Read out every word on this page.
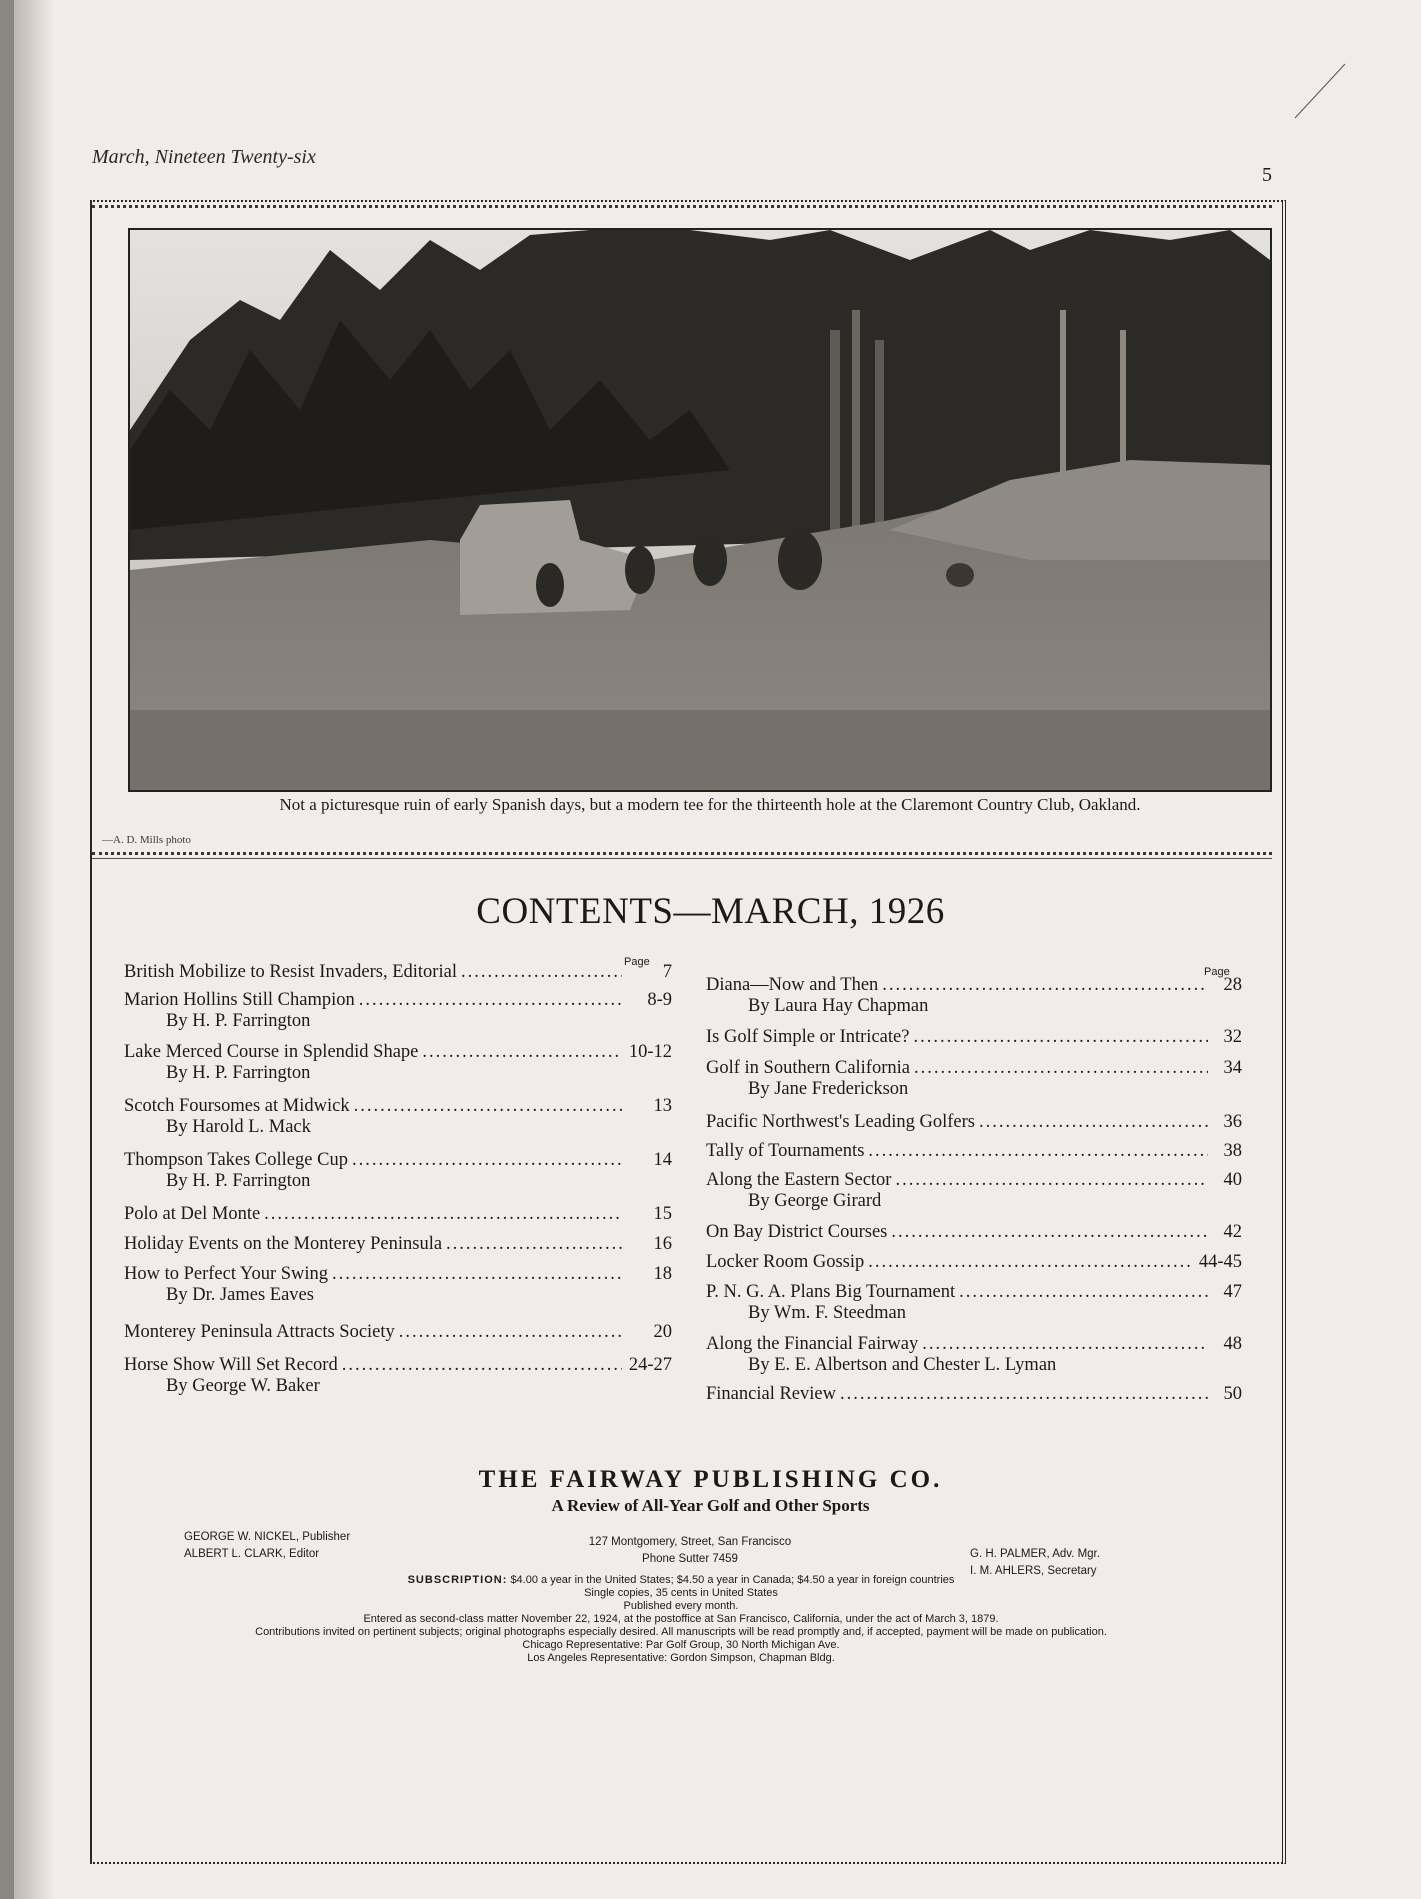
March, Nineteen Twenty-six
5
Not a picturesque ruin of early Spanish days, but a modern tee for the thirteenth hole at the Claremont Country Club, Oakland.
—A. D. Mills photo
CONTENTS—MARCH, 1926
Page
Page
British Mobilize to Resist Invaders, Editorial .....	7
Marion Hollins Still Champion .....	8-9
By H. P. Farrington
Lake Merced Course in Splendid Shape .....	10-12
By H. P. Farrington
Scotch Foursomes at Midwick .....	13
By Harold L. Mack
Thompson Takes College Cup .....	14
By H. P. Farrington
Polo at Del Monte .....	15
Holiday Events on the Monterey Peninsula .....	16
How to Perfect Your Swing .....	18
By Dr. James Eaves
Monterey Peninsula Attracts Society .....	20
Horse Show Will Set Record .....	24-27
By George W. Baker
Diana—Now and Then .....	28
By Laura Hay Chapman
Is Golf Simple or Intricate? .....	32
Golf in Southern California .....	34
By Jane Frederickson
Pacific Northwest's Leading Golfers .....	36
Tally of Tournaments .....	38
Along the Eastern Sector .....	40
By George Girard
On Bay District Courses .....	42
Locker Room Gossip .....	44-45
P. N. G. A. Plans Big Tournament .....	47
By Wm. F. Steedman
Along the Financial Fairway .....	48
By E. E. Albertson and Chester L. Lyman
Financial Review .....	50
THE FAIRWAY PUBLISHING CO.
A Review of All-Year Golf and Other Sports
GEORGE W. NICKEL, Publisher
ALBERT L. CLARK, Editor
127 Montgomery, Street, San Francisco
Phone Sutter 7459	G. H. PALMER, Adv. Mgr.
I. M. AHLERS, Secretary
SUBSCRIPTION: $4.00 a year in the United States; $4.50 a year in Canada; $4.50 a year in foreign countries
Single copies, 35 cents in United States
Published every month.
Entered as second-class matter November 22, 1924, at the postoffice at San Francisco, California, under the act of March 3, 1879.
Contributions invited on pertinent subjects; original photographs especially desired. All manuscripts will be read promptly and, if accepted, payment will be made on publication.
Chicago Representative: Par Golf Group, 30 North Michigan Ave.
Los Angeles Representative: Gordon Simpson, Chapman Bldg.
